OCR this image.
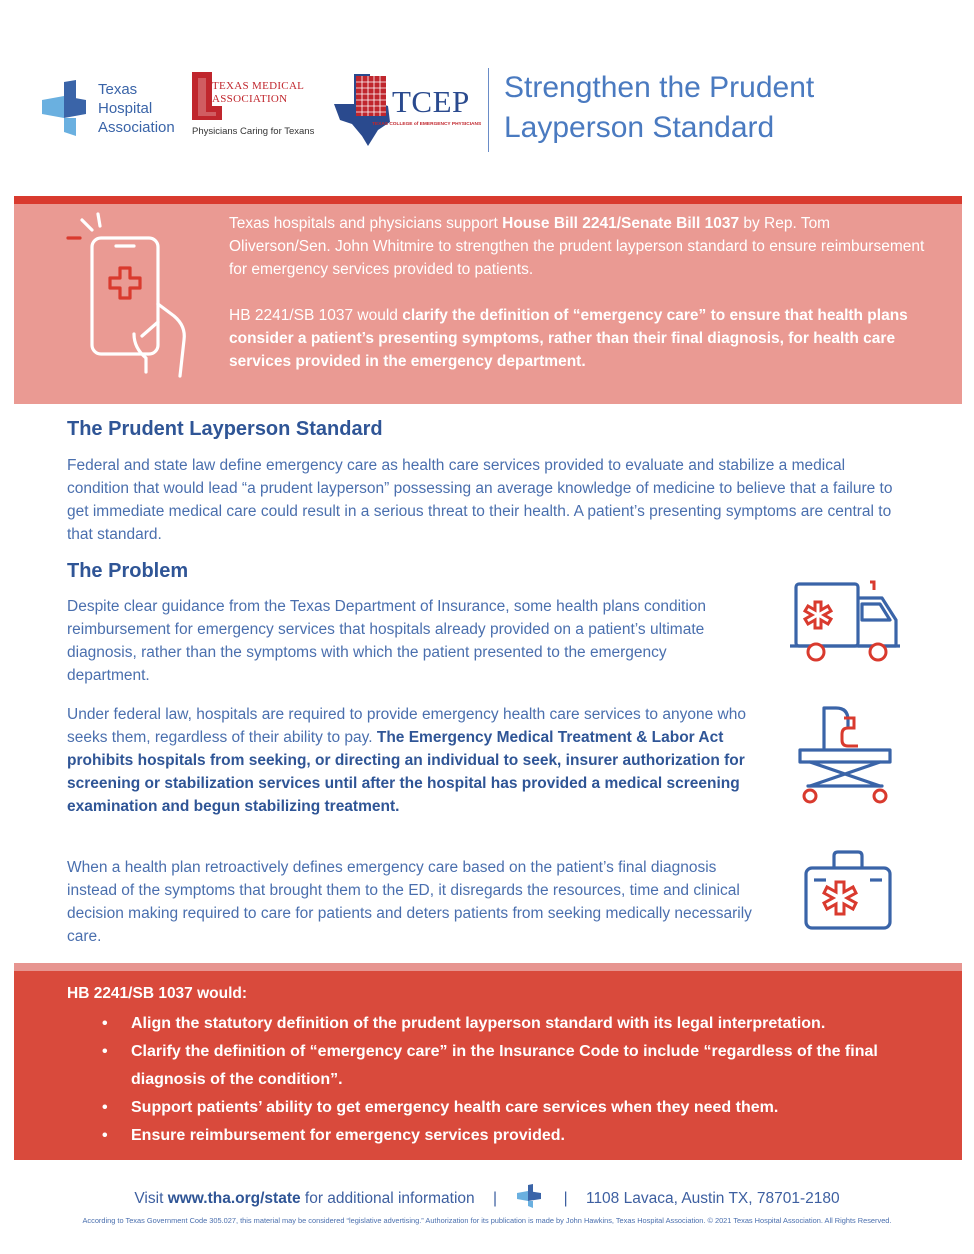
Texas
Hospital
Association
TEXAS MEDICAL
ASSOCIATION
Physicians Caring for Texans
TCEP
TEXAS COLLEGE of EMERGENCY PHYSICIANS
Strengthen the Prudent
Layperson Standard

Texas hospitals and physicians support House Bill 2241/Senate Bill 1037 by Rep. Tom Oliverson/Sen. John Whitmire to strengthen the prudent layperson standard to ensure reimbursement for emergency services provided to patients.

HB 2241/SB 1037 would clarify the definition of “emergency care” to ensure that health plans consider a patient’s presenting symptoms, rather than their final diagnosis, for health care services provided in the emergency department.

The Prudent Layperson Standard
Federal and state law define emergency care as health care services provided to evaluate and stabilize a medical condition that would lead “a prudent layperson” possessing an average knowledge of medicine to believe that a failure to get immediate medical care could result in a serious threat to their health. A patient’s presenting symptoms are central to that standard.
The Problem
Despite clear guidance from the Texas Department of Insurance, some health plans condition reimbursement for emergency services that hospitals already provided on a patient’s ultimate diagnosis, rather than the symptoms with which the patient presented to the emergency department.
Under federal law, hospitals are required to provide emergency health care services to anyone who seeks them, regardless of their ability to pay. The Emergency Medical Treatment & Labor Act prohibits hospitals from seeking, or directing an individual to seek, insurer authorization for screening or stabilization services until after the hospital has provided a medical screening examination and begun stabilizing treatment.
When a health plan retroactively defines emergency care based on the patient’s final diagnosis instead of the symptoms that brought them to the ED, it disregards the resources, time and clinical decision making required to care for patients and deters patients from seeking medically necessarily care.
HB 2241/SB 1037 would:
• Align the statutory definition of the prudent layperson standard with its legal interpretation.
• Clarify the definition of “emergency care” in the Insurance Code to include “regardless of the final diagnosis of the condition”.
• Support patients’ ability to get emergency health care services when they need them.
• Ensure reimbursement for emergency services provided.
Visit www.tha.org/state for additional information |	| 1108 Lavaca, Austin TX, 78701-2180
According to Texas Government Code 305.027, this material may be considered “legislative advertising.” Authorization for its publication is made by John Hawkins, Texas Hospital Association. © 2021 Texas Hospital Association. All Rights Reserved.
